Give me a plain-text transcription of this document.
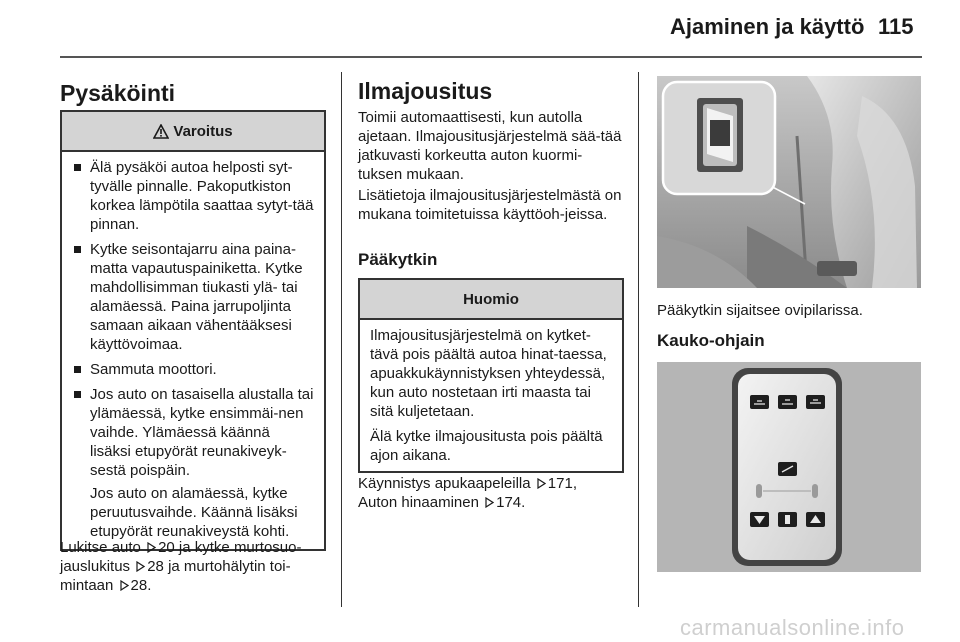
Ajaminen ja käyttö 115
Pysäköinti
Varoitus
Älä pysäköi autoa helposti syt-tyvälle pinnalle. Pakoputkiston korkea lämpötila saattaa sytyt-tää pinnan.
Kytke seisontajarru aina paina-matta vapautuspainiketta. Kytke mahdollisimman tiukasti ylä- tai alamäessä. Paina jarrupoljinta samaan aikaan vähentääksesi käyttövoimaa.
Sammuta moottori.
Jos auto on tasaisella alustalla tai ylämäessä, kytke ensimmäi-nen vaihde. Ylämäessä käännä lisäksi etupyörät reunakiveyk-sestä poispäin.
Jos auto on alamäessä, kytke peruutusvaihde. Käännä lisäksi etupyörät reunakiveystä kohti.

Lukitse auto 20 ja kytke murtosuo-jauslukitus 28 ja murtohälytin toi-mintaan 28.

Ilmajousitus

Toimii automaattisesti, kun autolla ajetaan. Ilmajousitusjärjestelmä sää-tää jatkuvasti korkeutta auton kuormi-tuksen mukaan.

Lisätietoja ilmajousitusjärjestelmästä on mukana toimitetuissa käyttöoh-jeissa.

Pääkytkin
Huomio

Ilmajousitusjärjestelmä on kytket-tävä pois päältä autoa hinat-taessa, apuakkukäynnistyksen yhteydessä, kun auto nostetaan irti maasta tai sitä kuljetetaan.

Älä kytke ilmajousitusta pois päältä ajon aikana.

Käynnistys apukaapeleilla 171,
Auton hinaaminen 174.

Pääkytkin sijaitsee ovipilarissa.

Kauko-ohjain
carmanualsonline.info
